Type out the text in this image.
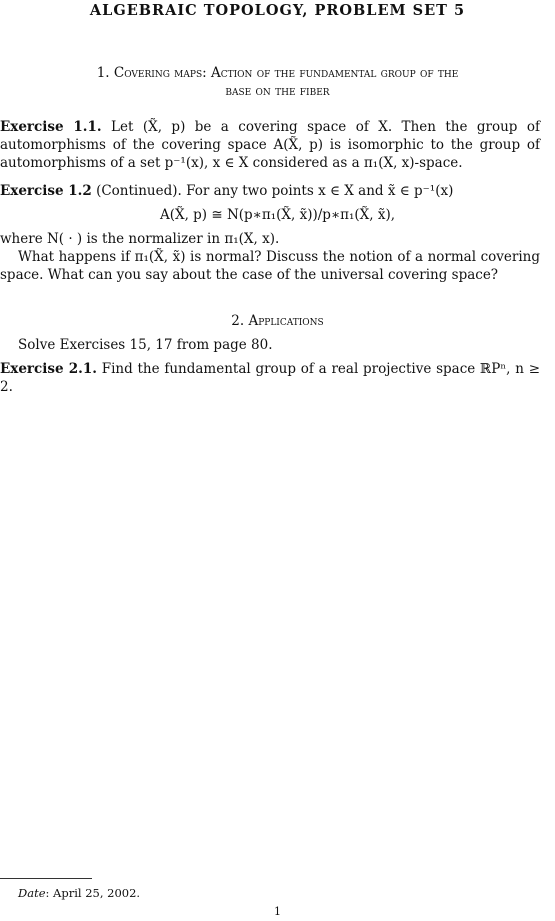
ALGEBRAIC TOPOLOGY, PROBLEM SET 5
1. Covering maps: Action of the fundamental group of the
base on the fiber
Exercise 1.1. Let (X̃, p) be a covering space of X. Then the group of automorphisms of the covering space A(X̃, p) is isomorphic to the group of automorphisms of a set p⁻¹(x), x ∈ X considered as a π₁(X, x)-space.
Exercise 1.2 (Continued). For any two points x ∈ X and x̃ ∈ p⁻¹(x)
A(X̃, p) ≅ N(p∗π₁(X̃, x̃))/p∗π₁(X̃, x̃),
where N( · ) is the normalizer in π₁(X, x).
What happens if π₁(X̃, x̃) is normal? Discuss the notion of a normal covering space. What can you say about the case of the universal covering space?
2. Applications
Solve Exercises 15, 17 from page 80.
Exercise 2.1. Find the fundamental group of a real projective space ℝPⁿ, n ≥ 2.
Date: April 25, 2002.
1
